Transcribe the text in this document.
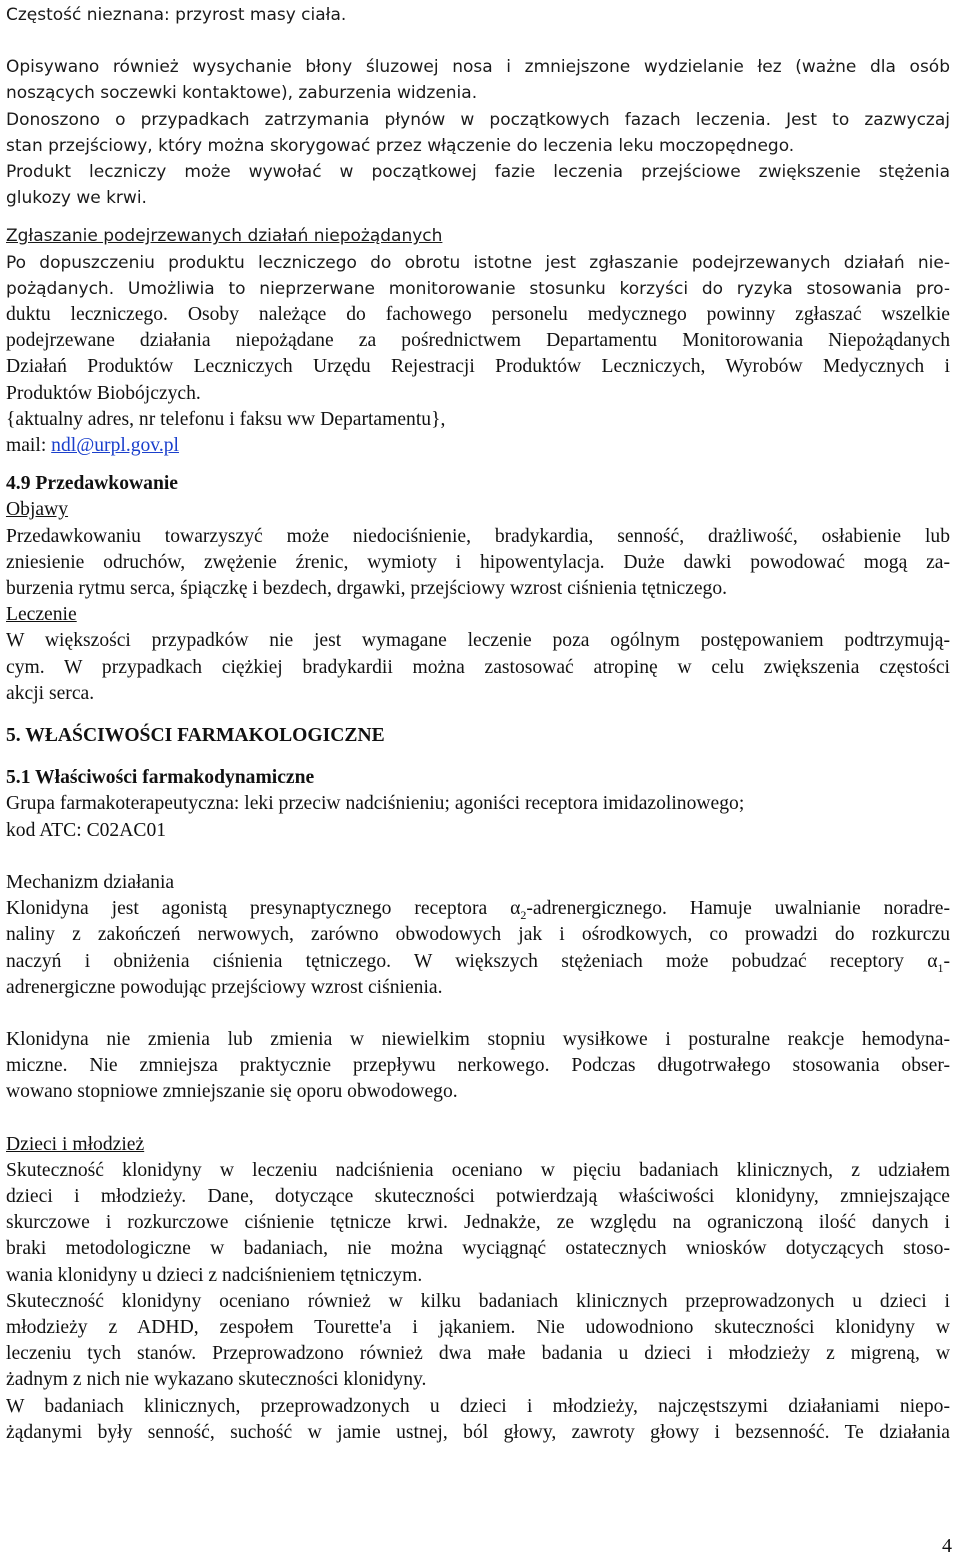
Częstość nieznana: przyrost masy ciała.
Opisywano również wysychanie błony śluzowej nosa i zmniejszone wydzielanie łez (ważne dla osób
noszących soczewki kontaktowe), zaburzenia widzenia.
Donoszono o przypadkach zatrzymania płynów w początkowych fazach leczenia. Jest to zazwyczaj
stan przejściowy, który można skorygować przez włączenie do leczenia leku moczopędnego.
Produkt leczniczy może wywołać w początkowej fazie leczenia przejściowe zwiększenie stężenia
glukozy we krwi.
Zgłaszanie podejrzewanych działań niepożądanych
Po dopuszczeniu produktu leczniczego do obrotu istotne jest zgłaszanie podejrzewanych działań nie-
pożądanych. Umożliwia to nieprzerwane monitorowanie stosunku korzyści do ryzyka stosowania pro-
duktu leczniczego. Osoby należące do fachowego personelu medycznego powinny zgłaszać wszelkie
podejrzewane działania niepożądane za pośrednictwem Departamentu Monitorowania Niepożądanych
Działań Produktów Leczniczych Urzędu Rejestracji Produktów Leczniczych, Wyrobów Medycznych i
Produktów Biobójczych.
{aktualny adres, nr telefonu i faksu ww Departamentu},
mail: ndl@urpl.gov.pl
4.9 Przedawkowanie
Objawy
Przedawkowaniu towarzyszyć może niedociśnienie, bradykardia, senność, drażliwość, osłabienie lub
zniesienie odruchów, zwężenie źrenic, wymioty i hipowentylacja. Duże dawki powodować mogą za-
burzenia rytmu serca, śpiączkę i bezdech, drgawki, przejściowy wzrost ciśnienia tętniczego.
Leczenie
W większości przypadków nie jest wymagane leczenie poza ogólnym postępowaniem podtrzymują-
cym. W przypadkach ciężkiej bradykardii można zastosować atropinę w celu zwiększenia częstości
akcji serca.
5. WŁAŚCIWOŚCI FARMAKOLOGICZNE
5.1 Właściwości farmakodynamiczne
Grupa farmakoterapeutyczna: leki przeciw nadciśnieniu; agoniści receptora imidazolinowego;
kod ATC: C02AC01
Mechanizm działania
Klonidyna jest agonistą presynaptycznego receptora $\alpha_2$-adrenergicznego. Hamuje uwalnianie noradre-
naliny z zakończeń nerwowych, zarówno obwodowych jak i ośrodkowych, co prowadzi do rozkurczu
naczyń i obniżenia ciśnienia tętniczego. W większych stężeniach może pobudzać receptory $\alpha_1-$
adrenergiczne powodując przejściowy wzrost ciśnienia.
Klonidyna nie zmienia lub zmienia w niewielkim stopniu wysiłkowe i posturalne reakcje hemodyna-
miczne. Nie zmniejsza praktycznie przepływu nerkowego. Podczas długotrwałego stosowania obser-
wowano stopniowe zmniejszanie się oporu obwodowego.
Dzieci i młodzież
Skuteczność klonidyny w leczeniu nadciśnienia oceniano w pięciu badaniach klinicznych, z udziałem
dzieci i młodzieży. Dane, dotyczące skuteczności potwierdzają właściwości klonidyny, zmniejszające
skurczowe i rozkurczowe ciśnienie tętnicze krwi. Jednakże, ze względu na ograniczoną ilość danych i
braki metodologiczne w badaniach, nie można wyciągnąć ostatecznych wniosków dotyczących stoso-
wania klonidyny u dzieci z nadciśnieniem tętniczym.
Skuteczność klonidyny oceniano również w kilku badaniach klinicznych przeprowadzonych u dzieci i
młodzieży z ADHD, zespołem Tourette'a i jąkaniem. Nie udowodniono skuteczności klonidyny w
leczeniu tych stanów. Przeprowadzono również dwa małe badania u dzieci i młodzieży z migreną, w
żadnym z nich nie wykazano skuteczności klonidyny.
W badaniach klinicznych, przeprowadzonych u dzieci i młodzieży, najczęstszymi działaniami niepo-
żądanymi były senność, suchość w jamie ustnej, ból głowy, zawroty głowy i bezsenność. Te działania
4
